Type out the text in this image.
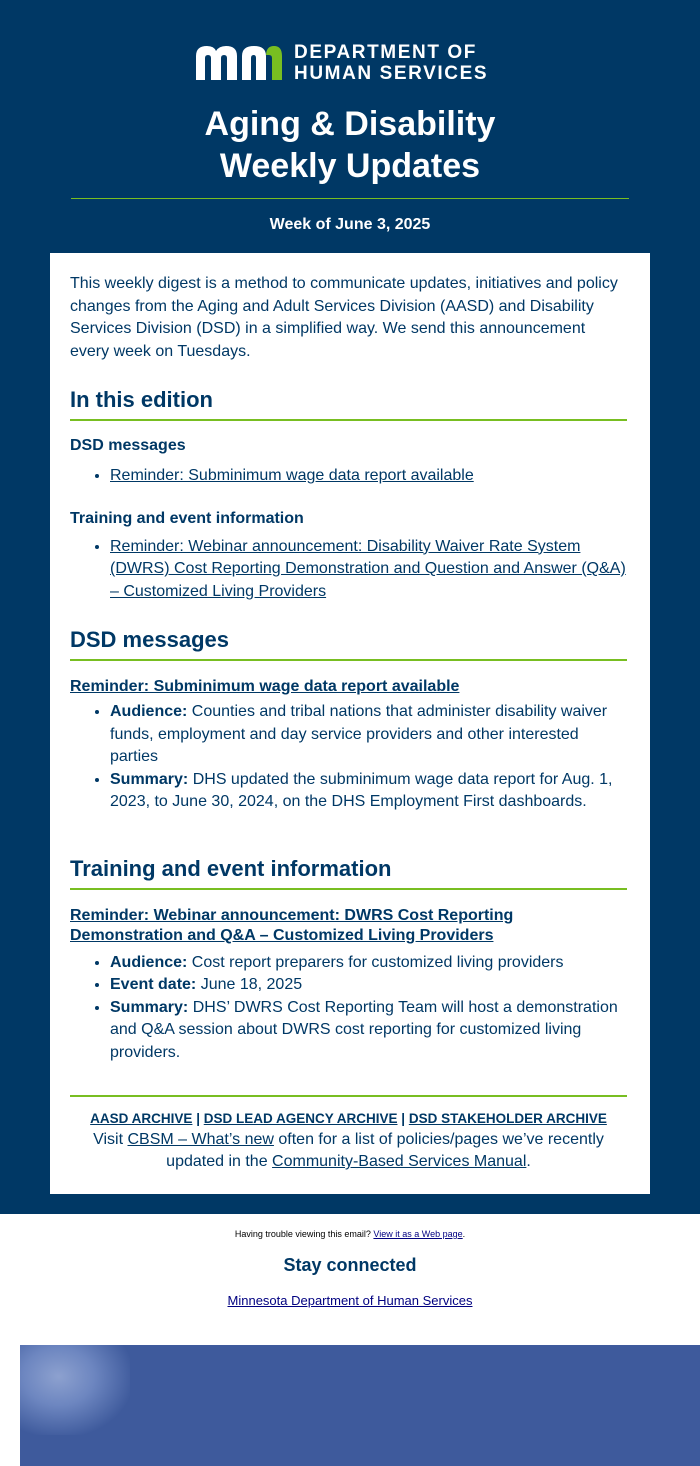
DEPARTMENT OF
HUMAN SERVICES
Aging & Disability
Weekly Updates
Week of June 3, 2025

This weekly digest is a method to communicate updates, initiatives and policy changes from the Aging and Adult Services Division (AASD) and Disability Services Division (DSD) in a simplified way. We send this announcement every week on Tuesdays.

In this edition
DSD messages
• Reminder: Subminimum wage data report available
Training and event information
• Reminder: Webinar announcement: Disability Waiver Rate System (DWRS) Cost Reporting Demonstration and Question and Answer (Q&A) – Customized Living Providers
DSD messages
Reminder: Subminimum wage data report available
• Audience: Counties and tribal nations that administer disability waiver funds, employment and day service providers and other interested parties
• Summary: DHS updated the subminimum wage data report for Aug. 1, 2023, to June 30, 2024, on the DHS Employment First dashboards.
Training and event information
Reminder: Webinar announcement: DWRS Cost Reporting Demonstration and Q&A – Customized Living Providers
• Audience: Cost report preparers for customized living providers
• Event date: June 18, 2025
• Summary: DHS’ DWRS Cost Reporting Team will host a demonstration and Q&A session about DWRS cost reporting for customized living providers.
AASD ARCHIVE | DSD LEAD AGENCY ARCHIVE | DSD STAKEHOLDER ARCHIVE
Visit CBSM – What’s new often for a list of policies/pages we’ve recently updated in the Community-Based Services Manual.
Having trouble viewing this email? View it as a Web page.
Stay connected
Minnesota Department of Human Services
